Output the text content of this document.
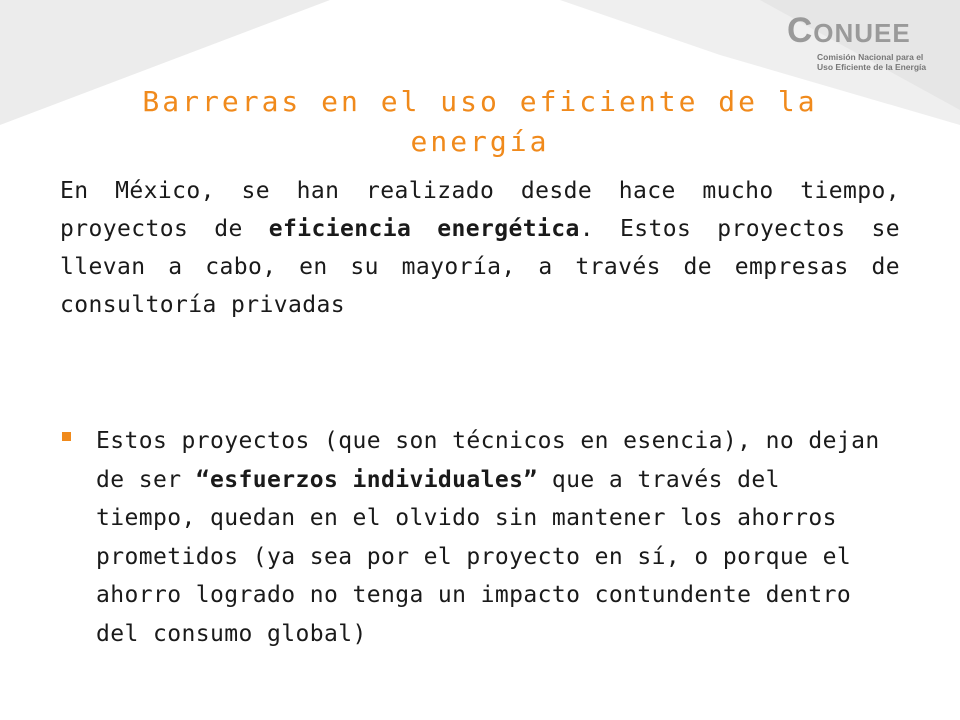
CONUEE
Comisión Nacional para el
Uso Eficiente de la Energía
Barreras en el uso eficiente de la energía
En México, se han realizado desde hace mucho tiempo, proyectos de eficiencia energética. Estos proyectos se llevan a cabo, en su mayoría, a través de empresas de consultoría privadas
Estos proyectos (que son técnicos en esencia), no dejan de ser “esfuerzos individuales” que a través del tiempo, quedan en el olvido sin mantener los ahorros prometidos (ya sea por el proyecto en sí, o porque el ahorro logrado no tenga un impacto contundente dentro del consumo global)
